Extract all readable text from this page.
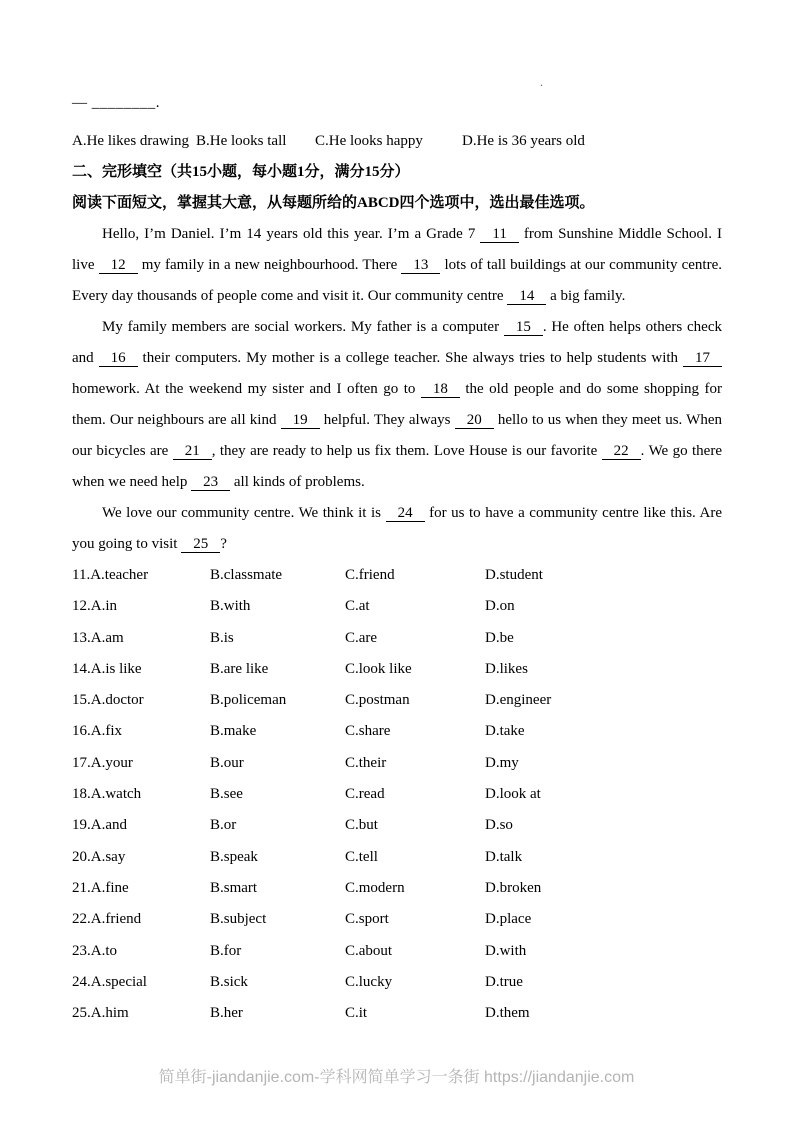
.
— ________.
A.He likes drawing B.He looks tall C.He looks happy	D.He is 36 years old
二、完形填空（共15小题，每小题1分，满分15分）
阅读下面短文，掌握其大意，从每题所给的ABCD四个选项中，选出最佳选项。

Hello, I’m Daniel. I’m 14 years old this year. I’m a Grade 7 11 from Sunshine Middle School. I live 12 my family in a new neighbourhood. There 13 lots of tall buildings at our community centre. Every day thousands of people come and visit it. Our community centre 14 a big family.

My family members are social workers. My father is a computer 15 . He often helps others check and 16 their computers. My mother is a college teacher. She always tries to help students with 17 homework. At the weekend my sister and I often go to 18 the old people and do some shopping for them. Our neighbours are all kind 19 helpful. They always 20 hello to us when they meet us. When our bicycles are 21 , they are ready to help us fix them. Love House is our favorite 22 . We go there when we need help 23 all kinds of problems.

We love our community centre. We think it is 24 for us to have a community centre like this. Are you going to visit 25 ?

11.A.teacher	B.classmate	C.friend	D.student
12.A.in	B.with	C.at	D.on
13.A.am	B.is	C.are	D.be
14.A.is like	B.are like	C.look like	D.likes
15.A.doctor	B.policeman	C.postman	D.engineer
16.A.fix	B.make	C.share	D.take
17.A.your	B.our	C.their	D.my
18.A.watch	B.see	C.read	D.look at
19.A.and	B.or	C.but	D.so
20.A.say	B.speak	C.tell	D.talk
21.A.fine	B.smart	C.modern	D.broken
22.A.friend	B.subject	C.sport	D.place
23.A.to	B.for	C.about	D.with
24.A.special	B.sick	C.lucky	D.true
25.A.him	B.her	C.it	D.them
简单街-jiandanjie.com-学科网简单学习一条街 https://jiandanjie.com
